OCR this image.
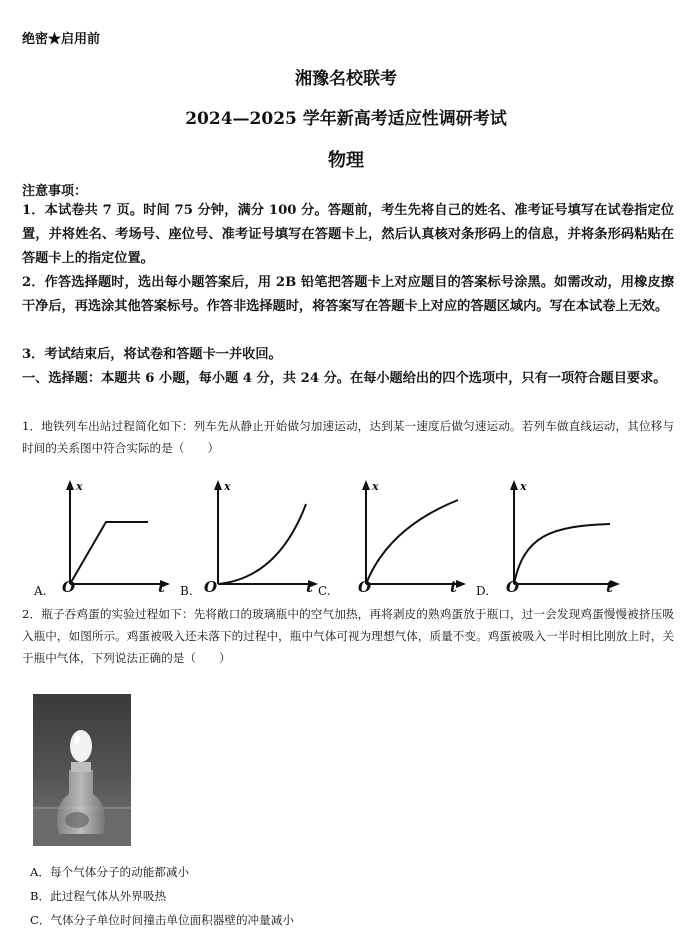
绝密★启用前
湘豫名校联考
2024—2025 学年新高考适应性调研考试
物理
注意事项：
1．本试卷共 7 页。时间 75 分钟，满分 100 分。答题前，考生先将自己的姓名、准考证号填写在试卷指定位置，并将姓名、考场号、座位号、准考证号填写在答题卡上，然后认真核对条形码上的信息，并将条形码粘贴在答题卡上的指定位置。
2．作答选择题时，选出每小题答案后，用 2B 铅笔把答题卡上对应题目的答案标号涂黑。如需改动，用橡皮擦干净后，再选涂其他答案标号。作答非选择题时，将答案写在答题卡上对应的答题区域内。写在本试卷上无效。
3．考试结束后，将试卷和答题卡一并收回。
一、选择题：本题共 6 小题，每小题 4 分，共 24 分。在每小题给出的四个选项中，只有一项符合题目要求。
1．地铁列车出站过程简化如下：列车先从静止开始做匀加速运动，达到某一速度后做匀速运动。若列车做直线运动，其位移与时间的关系图中符合实际的是（　　）
x
t
O
A.
x
t
O
B.
x
t
O
C.
x
t
O
D.
2．瓶子吞鸡蛋的实验过程如下：先将敞口的玻璃瓶中的空气加热，再将剥皮的熟鸡蛋放于瓶口，过一会发现鸡蛋慢慢被挤压吸入瓶中，如图所示。鸡蛋被吸入还未落下的过程中，瓶中气体可视为理想气体，质量不变。鸡蛋被吸入一半时相比刚放上时，关于瓶中气体，下列说法正确的是（　　）
A．每个气体分子的动能都减小
B．此过程气体从外界吸热
C．气体分子单位时间撞击单位面积器壁的冲量减小
